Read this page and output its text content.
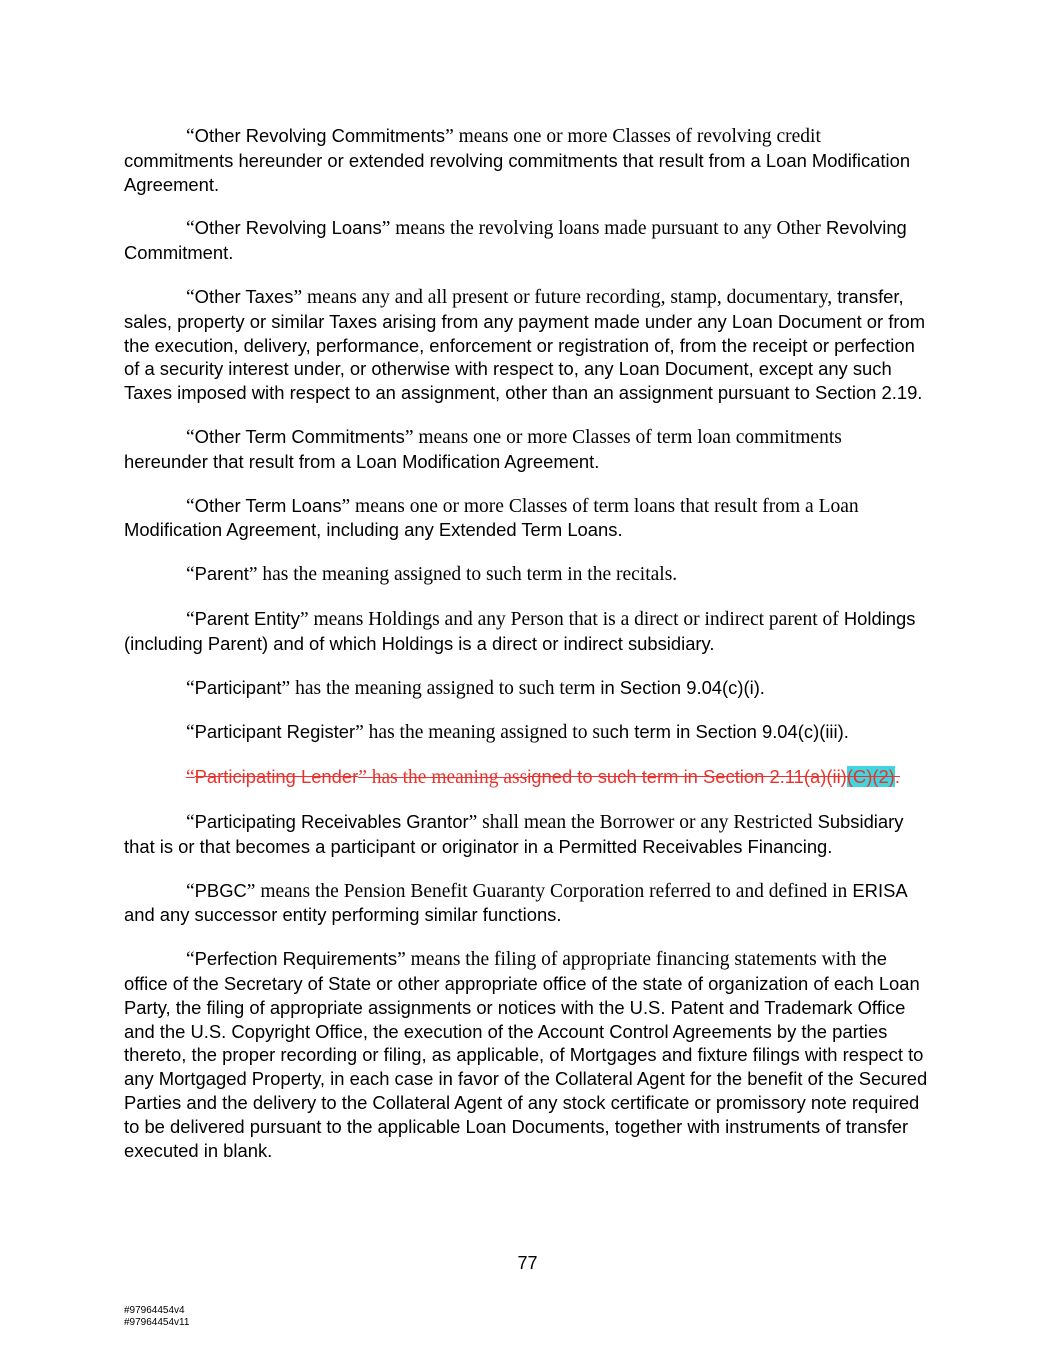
“Other Revolving Commitments” means one or more Classes of revolving credit commitments hereunder or extended revolving commitments that result from a Loan Modification Agreement.

“Other Revolving Loans” means the revolving loans made pursuant to any Other Revolving Commitment.

“Other Taxes” means any and all present or future recording, stamp, documentary, transfer, sales, property or similar Taxes arising from any payment made under any Loan Document or from the execution, delivery, performance, enforcement or registration of, from the receipt or perfection of a security interest under, or otherwise with respect to, any Loan Document, except any such Taxes imposed with respect to an assignment, other than an assignment pursuant to Section 2.19.

“Other Term Commitments” means one or more Classes of term loan commitments hereunder that result from a Loan Modification Agreement.

“Other Term Loans” means one or more Classes of term loans that result from a Loan Modification Agreement, including any Extended Term Loans.

“Parent” has the meaning assigned to such term in the recitals.

“Parent Entity” means Holdings and any Person that is a direct or indirect parent of Holdings (including Parent) and of which Holdings is a direct or indirect subsidiary.

“Participant” has the meaning assigned to such term in Section 9.04(c)(i).

“Participant Register” has the meaning assigned to such term in Section 9.04(c)(iii).

“Participating Lender” has the meaning assigned to such term in Section 2.11(a)(ii)(C)(2).

“Participating Receivables Grantor” shall mean the Borrower or any Restricted Subsidiary that is or that becomes a participant or originator in a Permitted Receivables Financing.

“PBGC” means the Pension Benefit Guaranty Corporation referred to and defined in ERISA and any successor entity performing similar functions.

“Perfection Requirements” means the filing of appropriate financing statements with the office of the Secretary of State or other appropriate office of the state of organization of each Loan Party, the filing of appropriate assignments or notices with the U.S. Patent and Trademark Office and the U.S. Copyright Office, the execution of the Account Control Agreements by the parties thereto, the proper recording or filing, as applicable, of Mortgages and fixture filings with respect to any Mortgaged Property, in each case in favor of the Collateral Agent for the benefit of the Secured Parties and the delivery to the Collateral Agent of any stock certificate or promissory note required to be delivered pursuant to the applicable Loan Documents, together with instruments of transfer executed in blank.

77
#97964454v4
#97964454v11
